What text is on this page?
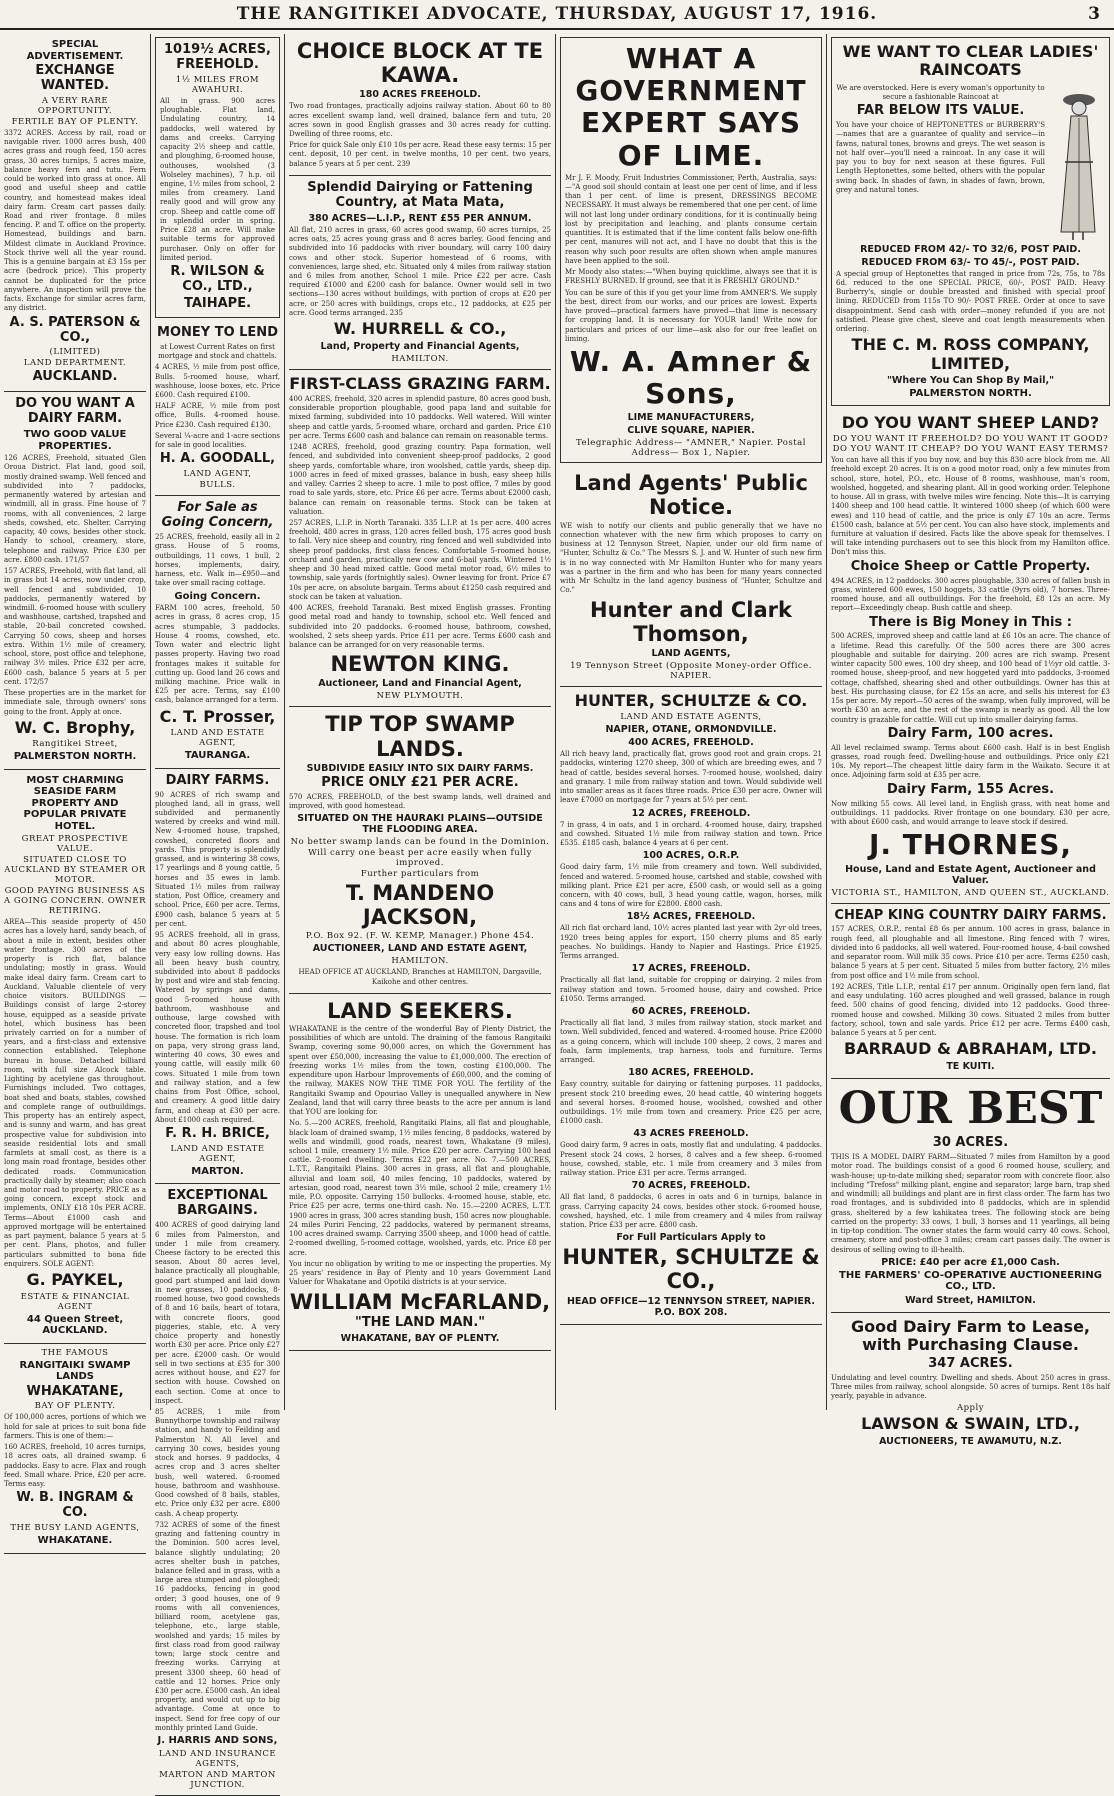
THE RANGITIKEI ADVOCATE, THURSDAY, AUGUST 17, 1916.	3
SPECIAL ADVERTISEMENT.
EXCHANGE WANTED.
A VERY RARE OPPORTUNITY.
FERTILE BAY OF PLENTY.
3372 ACRES. Access by rail, road or navigable river. 1000 acres bush, 400 acres grass and rough feed, 150 acres grass, 30 acres turnips, 5 acres maize, balance heavy fern and tutu. Fern could be worked into grass at once. All good and useful sheep and cattle country, and homestead makes ideal dairy farm. Cream cart passes daily. Road and river frontage. 8 miles fencing. P. and T. office on the property. Homestead, buildings and barn. Mildest climate in Auckland Province. Stock thrive well all the year round. This is a genuine bargain at £3 15s per acre (bedrock price). This property cannot be duplicated for the price anywhere. An inspection will prove the facts. Exchange for similar acres farm, any district.
A. S. PATERSON & CO.,
(LIMITED)
LAND DEPARTMENT.
AUCKLAND.
DO YOU WANT A DAIRY FARM.
TWO GOOD VALUE PROPERTIES.
126 ACRES, Freehold, situated Glen Oroua District. Flat land, good soil, mostly drained swamp. Well fenced and subdivided into 7 paddocks, permanently watered by artesian and windmill, all in grass. Fine house of 7 rooms, with all conveniences, 2 large sheds, cowshed, etc. Shelter. Carrying capacity, 40 cows, besides other stock. Handy to school, creamery, store, telephone and railway. Price £30 per acre. £800 cash. 171/57
157 ACRES, Freehold, with flat land, all in grass but 14 acres, now under crop, well fenced and subdivided, 10 paddocks, permanently watered by windmill. 6-roomed house with scullery and washhouse, cartshed, trapshed and stable, 20-bail concreted cowshed. Carrying 50 cows, sheep and horses extra. Within 1½ mile of creamery, school, store, post office and telephone, railway 3½ miles. Price £32 per acre, £600 cash, balance 5 years at 5 per cent. 172/57
These properties are in the market for immediate sale, through owners' sons going to the front. Apply at once.
W. C. Brophy,
Rangitikei Street,
PALMERSTON NORTH.
MOST CHARMING SEASIDE FARM PROPERTY AND POPULAR PRIVATE HOTEL.
GREAT PROSPECTIVE VALUE.
SITUATED CLOSE TO AUCKLAND BY STEAMER OR MOTOR.
GOOD PAYING BUSINESS AS A GOING CONCERN. OWNER RETIRING.
AREA—This seaside property of 450 acres has a lovely hard, sandy beach, of about a mile in extent, besides other water frontage. 300 acres of the property is rich flat, balance undulating; mostly in grass. Would make ideal dairy farm. Cream cart to Auckland. Valuable clientele of very choice visitors. BUILDINGS — Buildings consist of large 2-storey house, equipped as a seaside private hotel, which business has been privately carried on for a number of years, and a first-class and extensive connection established. Telephone bureau in house. Detached billiard room, with full size Alcock table. Lighting by acetylene gas throughout. Furnishings included. Two cottages, boat shed and boats, stables, cowshed and complete range of outbuildings. This property has an entirely aspect, and is sunny and warm, and has great prospective value for subdivision into seaside residential lots and small farmlets at small cost, as there is a long main road frontage, besides other dedicated roads. Communication practically daily by steamer; also coach and motor road to property. PRICE as a going concern, except stock and implements, ONLY £18 10s PER ACRE. Terms—About £1000 cash and approved mortgage will be entertained as part payment, balance 5 years at 5 per cent. Plans, photos, and fuller particulars submitted to bona fide enquirers. SOLE AGENT:
G. PAYKEL,
ESTATE & FINANCIAL AGENT
44 Queen Street, AUCKLAND.
THE FAMOUS
RANGITAIKI SWAMP LANDS
WHAKATANE,
BAY OF PLENTY.
Of 100,000 acres, portions of which we hold for sale at prices to suit bona fide farmers. This is one of them:—
160 ACRES, freehold, 10 acres turnips, 18 acres oats, all drained swamp. 6 paddocks. Easy to acre. Flax and rough feed. Small whare. Price, £20 per acre. Terms easy.
W. B. INGRAM & CO.
THE BUSY LAND AGENTS,
WHAKATANE.
1019½ ACRES, FREEHOLD.
1½ MILES FROM AWAHURI.
All in grass. 900 acres ploughable. Flat land, Undulating country, 14 paddocks, well watered by dams and creeks. Carrying capacity 2½ sheep and cattle, and ploughing, 6-roomed house, outhouses, woolshed (3 Wolseley machines), 7 h.p. oil engine, 1½ miles from school, 2 miles from creamery. Land really good and will grow any crop. Sheep and cattle come off in splendid order in spring. Price £28 an acre. Will make suitable terms for approved purchaser. Only on offer for limited period.
R. WILSON & CO., LTD.,
TAIHAPE.
MONEY TO LEND
at Lowest Current Rates on first mortgage and stock and chattels.
4 ACRES, ½ mile from post office, Bulls. 5-roomed house, wharf, washhouse, loose boxes, etc. Price £600. Cash required £100.
HALF ACRE, ½ mile from post office, Bulls. 4-roomed house. Price £230. Cash required £130.
Several ¼-acre and 1-acre sections for sale in good localities.
H. A. GOODALL,
LAND AGENT,
BULLS.
For Sale as Going Concern,
25 ACRES, freehold, easily all in 2 grass. House of 5 rooms, outbuildings, 11 cows, 1 bull, 2 horses, implements, dairy, harness, etc. Walk in—£950—and take over small racing cottage.
Going Concern.
FARM 100 acres, freehold, 50 acres in grass, 8 acres crop, 15 acres stumpable, 3 paddocks. House 4 rooms, cowshed, etc. Town water and electric light passes property. Having two road frontages makes it suitable for cutting up. Good land 26 cows and milking machine. Price walk in £25 per acre. Terms, say £100 cash, balance arranged for a term.
C. T. Prosser,
LAND AND ESTATE AGENT,
TAURANGA.
DAIRY FARMS.
90 ACRES of rich swamp and ploughed land, all in grass, well subdivided and permanently watered by creeks and wind mill. New 4-roomed house, trapshed, cowshed, concreted floors and yards. This property is splendidly grassed, and is wintering 38 cows, 17 yearlings and 8 young cattle, 5 horses and 35 ewes in lamb. Situated 1½ miles from railway station, Post Office, creamery and school. Price, £60 per acre. Terms, £900 cash, balance 5 years at 5 per cent.
95 ACRES freehold, all in grass, and about 80 acres ploughable, very easy low rolling downs. Has all been heavy bush country, subdivided into about 8 paddocks by post and wire and stab fencing. Watered by springs and dams, good 5-roomed house with bathroom, washhouse and outhouse, large cowshed with concreted floor, trapshed and tool house. The formation is rich loam on papa, very strong grass land, wintering 40 cows, 30 ewes and young cattle, will easily milk 60 cows. Situated 1 mile from town and railway station, and a few chains from Post Office, school, and creamery. A good little dairy farm, and cheap at £30 per acre. About £1000 cash required.
F. R. H. BRICE,
LAND AND ESTATE AGENT,
MARTON.
EXCEPTIONAL BARGAINS.
400 ACRES of good dairying land 6 miles from Palmerston, and under 1 mile from creamery. Cheese factory to be erected this season. About 80 acres level, balance practically all ploughable, good part stumped and laid down in new grasses, 10 paddocks, 8-roomed house, two good cowsheds of 8 and 16 bails, heart of totara, with concrete floors, good piggeries, stable, etc. A very choice property and honestly worth £30 per acre. Price only £27 per acre. £2000 cash. Or would sell in two sections at £35 for 300 acres without house, and £27 for section with house. Cowshed on each section. Come at once to inspect.
85 ACRES, 1 mile from Bunnythorpe township and railway station, and handy to Feilding and Palmerston N. All level and carrying 30 cows, besides young stock and horses. 9 paddocks, 4 acres crop and 3 acres shelter bush, well watered. 6-roomed house, bathroom and washhouse. Good cowshed of 8 bails, stables, etc. Price only £32 per acre. £800 cash. A cheap property.
732 ACRES of some of the finest grazing and fattening country in the Dominion. 500 acres level, balance slightly undulating; 20 acres shelter bush in patches, balance felled and in grass, with a large area stumped and ploughed; 16 paddocks, fencing in good order; 3 good houses, one of 9 rooms with all conveniences, billiard room, acetylene gas, telephone, etc., large stable, woolshed and yards; 15 miles by first class road from good railway town; large stock centre and freezing works. Carrying at present 3300 sheep, 60 head of cattle and 12 horses. Price only £30 per acre. £5000 cash. An ideal property, and would cut up to big advantage. Come at once to inspect. Send for free copy of our monthly printed Land Guide.
J. HARRIS AND SONS,
LAND AND INSURANCE AGENTS,
MARTON AND MARTON JUNCTION.
CHOICE BLOCK AT TE KAWA.
180 ACRES FREEHOLD.
Two road frontages, practically adjoins railway station. About 60 to 80 acres excellent swamp land, well drained, balance fern and tutu, 20 acres sown in good English grasses and 30 acres ready for cutting. Dwelling of three rooms, etc.
Price for quick Sale only £10 10s per acre. Read these easy terms: 15 per cent. deposit, 10 per cent. in twelve months, 10 per cent. two years, balance 5 years at 5 per cent. 239
Splendid Dairying or Fattening Country, at Mata Mata,
380 ACRES—L.I.P., RENT £55 PER ANNUM.
All flat, 210 acres in grass, 60 acres good swamp, 60 acres turnips, 25 acres oats, 25 acres young grass and 8 acres barley. Good fencing and subdivided into 16 paddocks with river boundary, will carry 100 dairy cows and other stock. Superior homestead of 6 rooms, with conveniences, large shed, etc. Situated only 4 miles from railway station and 6 miles from another, School 1 mile. Price £22 per acre. Cash required £1000 and £200 cash for balance. Owner would sell in two sections—130 acres without buildings, with portion of crops at £20 per acre, or 250 acres with buildings, crops etc., 12 paddocks, at £25 per acre. Good terms arranged. 235
W. HURRELL & CO.,
Land, Property and Financial Agents,
HAMILTON.
FIRST-CLASS GRAZING FARM.
400 ACRES, freehold, 320 acres in splendid pasture, 80 acres good bush, considerable proportion ploughable, good papa land and suitable for mixed farming, subdivided into 10 paddocks. Well watered. Will winter sheep and cattle yards, 5-roomed whare, orchard and garden. Price £10 per acre. Terms £600 cash and balance can remain on reasonable terms.
1248 ACRES, freehold, good grazing country. Papa formation, well fenced, and subdivided into convenient sheep-proof paddocks, 2 good sheep yards, comfortable whare, iron woolshed, cattle yards, sheep dip. 1000 acres in feed of mixed grasses, balance in bush, easy sheep hills and valley. Carries 2 sheep to acre. 1 mile to post office, 7 miles by good road to sale yards, store, etc. Price £6 per acre. Terms about £2000 cash, balance can remain on reasonable terms. Stock can be taken at valuation.
257 ACRES, L.I.P. in North Taranaki. 335 L.I.P. at 1s per acre. 400 acres freehold, 480 acres in grass, 120 acres felled bush, 175 acres good bush to fall. Very nice sheep and country, ring fenced and well subdivided into sheep proof paddocks, first class fences. Comfortable 5-roomed house, orchard and garden, practically new cow and 6-bail yards. Wintered 1½ sheep and 30 head mixed cattle. Good metal motor road, 6½ miles to township, sale yards (fortnightly sales). Owner leaving for front. Price £7 10s per acre, on absolute bargain. Terms about £1250 cash required and stock can be taken at valuation.
400 ACRES, freehold Taranaki. Best mixed English grasses. Fronting good metal road and handy to township, school etc. Well fenced and subdivided into 20 paddocks. 6-roomed house, bathroom, cowshed, woolshed, 2 sets sheep yards. Price £11 per acre. Terms £600 cash and balance can be arranged for on very reasonable terms.
NEWTON KING.
Auctioneer, Land and Financial Agent,
NEW PLYMOUTH.
TIP TOP SWAMP LANDS.
SUBDIVIDE EASILY INTO SIX DAIRY FARMS.
PRICE ONLY £21 PER ACRE.
570 ACRES, FREEHOLD, of the best swamp lands, well drained and improved, with good homestead.
SITUATED ON THE HAURAKI PLAINS—OUTSIDE THE FLOODING AREA.
No better swamp lands can be found in the Dominion.
Will carry one beast per acre easily when fully improved.
Further particulars from
T. MANDENO JACKSON,
P.O. Box 92. (F. W. KEMP, Manager.) Phone 454.
AUCTIONEER, LAND AND ESTATE AGENT,
HAMILTON.
HEAD OFFICE AT AUCKLAND, Branches at HAMILTON, Dargaville, Kaikohe and other centres.
LAND SEEKERS.
WHAKATANE is the centre of the wonderful Bay of Plenty District, the possibilities of which are untold. The draining of the famous Rangitaiki Swamp, covering some 90,000 acres, on which the Government has spent over £50,000, increasing the value to £1,000,000. The erection of freezing works 1½ miles from the town, costing £100,000. The expenditure upon Harbour Improvements of £60,000, and the coming of the railway, MAKES NOW THE TIME FOR YOU. The fertility of the Rangitaiki Swamp and Opouriao Valley is unequalled anywhere in New Zealand, land that will carry three beasts to the acre per annum is land that YOU are looking for.
No. 5.—200 ACRES, freehold, Rangitaiki Plains, all flat and ploughable, black loam of drained swamp, 1½ miles fencing, 8 paddocks, watered by wells and windmill, good roads, nearest town, Whakatane (9 miles), school 1 mile, creamery 1½ mile. Price £20 per acre. Carrying 100 head cattle. 2-roomed dwelling. Terms £22 per acre. No. 7.—500 ACRES, L.T.T., Rangitaiki Plains. 300 acres in grass, all flat and ploughable, alluvial and loam soil, 40 miles fencing, 10 paddocks, watered by artesian, good road, nearest town 3½ mile, school 2 mile, creamery 1½ mile, P.O. opposite. Carrying 150 bullocks. 4-roomed house, stable, etc. Price £25 per acre, terms one-third cash. No. 15.—2200 ACRES, L.T.T. 1900 acres in grass, 300 acres standing bush, 150 acres now ploughable. 24 miles Puriri Fencing, 22 paddocks, watered by permanent streams, 100 acres drained swamp. Carrying 3500 sheep, and 1000 head of cattle. 2-roomed dwelling, 5-roomed cottage, woolshed, yards, etc. Price £8 per acre.
You incur no obligation by writing to me or inspecting the properties. My 25 years' residence in Bay of Plenty and 10 years Government Land Valuer for Whakatane and Opotiki districts is at your service.
WILLIAM McFARLAND,
"THE LAND MAN."
WHAKATANE, BAY OF PLENTY.
WHAT A GOVERNMENT EXPERT SAYS OF LIME.
Mr J. F. Moody, Fruit Industries Commissioner, Perth, Australia, says:—"A good soil should contain at least one per cent of lime, and if less than 1 per cent. of lime is present, DRESSINGS BECOME NECESSARY. It must always be remembered that one per cent. of lime will not last long under ordinary conditions, for it is continually being lost by precipitation and leaching, and plants consume certain quantities. It is estimated that if the lime content falls below one-fifth per cent, manures will not act, and I have no doubt that this is the reason why such poor results are often shown when ample manures have been applied to the soil.
Mr Moody also states:—"When buying quicklime, always see that it is FRESHLY BURNED. If ground, see that it is FRESHLY GROUND."
You can be sure of this if you get your lime from AMNER'S. We supply the best, direct from our works, and our prices are lowest. Experts have proved—practical farmers have proved—that lime is necessary for cropping land. It is necessary for YOUR land! Write now for particulars and prices of our lime—ask also for our free leaflet on liming.
W. A. Amner & Sons,
LIME MANUFACTURERS,
CLIVE SQUARE, NAPIER.
Telegraphic Address— "AMNER," Napier. Postal Address— Box 1, Napier.
Land Agents' Public Notice.
WE wish to notify our clients and public generally that we have no connection whatever with the new firm which proposes to carry on business at 12 Tennyson Street, Napier, under our old firm name of "Hunter, Schultz & Co." The Messrs S. J. and W. Hunter of such new firm is in no way connected with Mr Hamilton Hunter who for many years was a partner in the firm and who has been for many years connected with Mr Schultz in the land agency business of "Hunter, Schultze and Co."
Hunter and Clark Thomson,
LAND AGENTS,
19 Tennyson Street (Opposite Money-order Office. NAPIER.
HUNTER, SCHULTZE & CO.
LAND AND ESTATE AGENTS,
NAPIER, OTANE, ORMONDVILLE.
400 ACRES, FREEHOLD.
All rich heavy land, practically flat, grows good root and grain crops. 21 paddocks, wintering 1270 sheep, 300 of which are breeding ewes, and 7 head of cattle, besides several horses. 7-roomed house, woolshed, dairy and granary. 1 mile from railway station and town. Would subdivide well into smaller areas as it faces three roads. Price £30 per acre. Owner will leave £7000 on mortgage for 7 years at 5½ per cent.
12 ACRES, FREEHOLD.
7 in grass, 4 in oats, and 1 in orchard. 4-roomed house, dairy, trapshed and cowshed. Situated 1½ mile from railway station and town. Price £535. £185 cash, balance 4 years at 6 per cent.
100 ACRES, O.R.P.
Good dairy farm, 1½ mile from creamery and town. Well subdivided, fenced and watered. 5-roomed house, cartshed and stable, cowshed with milking plant. Price £21 per acre, £500 cash, or would sell as a going concern, with 40 cows, bull, 3 head young cattle, wagon, horses, milk cans and 4 tons of wire for £2800. £800 cash.
18½ ACRES, FREEHOLD.
All rich flat orchard land, 10½ acres planted last year with 2yr old trees, 1920 trees being apples for export, 150 cherry plums and 85 early peaches. No buildings. Handy to Napier and Hastings. Price £1925. Terms arranged.
17 ACRES, FREEHOLD.
Practically all flat land, suitable for cropping or dairying. 2 miles from railway station and town. 5-roomed house, dairy and cowshed. Price £1050. Terms arranged.
60 ACRES, FREEHOLD.
Practically all flat land, 3 miles from railway station, stock market and town. Well subdivided, fenced and watered. 4-roomed house. Price £2000 as a going concern, which will include 100 sheep, 2 cows, 2 mares and foals, farm implements, trap harness, tools and furniture. Terms arranged.
180 ACRES, FREEHOLD.
Easy country, suitable for dairying or fattening purposes. 11 paddocks, present stock 210 breeding ewes, 20 head cattle, 40 wintering hoggets and several horses. 8-roomed house, woolshed, cowshed and other outbuildings. 1½ mile from town and creamery. Price £25 per acre, £1000 cash.
43 ACRES FREEHOLD.
Good dairy farm, 9 acres in oats, mostly flat and undulating. 4 paddocks. Present stock 24 cows, 2 horses, 8 calves and a few sheep. 6-roomed house, cowshed, stable, etc. 1 mile from creamery and 3 miles from railway station. Price £31 per acre. Terms arranged.
70 ACRES, FREEHOLD.
All flat land, 8 paddocks, 6 acres in oats and 6 in turnips, balance in grass. Carrying capacity 24 cows, besides other stock. 6-roomed house, cowshed, hayshed, etc. 1 mile from creamery and 4 miles from railway station. Price £33 per acre. £800 cash.
For Full Particulars Apply to
HUNTER, SCHULTZE & CO.,
HEAD OFFICE—12 TENNYSON STREET, NAPIER. P.O. BOX 208.
WE WANT TO CLEAR LADIES' RAINCOATS
We are overstocked. Here is every woman's opportunity to secure a fashionable Raincoat at
FAR BELOW ITS VALUE.
You have your choice of HEPTONETTES or BURBERRY'S—names that are a guarantee of quality and service—in fawns, natural tones, browns and greys. The wet season is not half over—you'll need a raincoat. In any case it will pay you to buy for next season at these figures. Full Length Heptonettes, some belted, others with the popular swing back. In shades of fawn, in shades of fawn, brown, grey and natural tones.
REDUCED FROM 42/- TO 32/6, POST PAID.
REDUCED FROM 63/- TO 45/-, POST PAID.
A special group of Heptonettes that ranged in price from 72s, 75s, to 78s 6d. reduced to the one SPECIAL PRICE, 60/-, POST PAID. Heavy Burberry's, single or double breasted and finished with special proof lining. REDUCED from 115s TO 90/- POST FREE. Order at once to save disappointment. Send cash with order—money refunded if you are not satisfied. Please give chest, sleeve and coat length measurements when ordering.
THE C. M. ROSS COMPANY, LIMITED,
"Where You Can Shop By Mail,"
PALMERSTON NORTH.
DO YOU WANT SHEEP LAND?
DO YOU WANT IT FREEHOLD? DO YOU WANT IT GOOD? DO YOU WANT IT CHEAP? DO YOU WANT EASY TERMS?
You can have all this if you buy now, and buy this 830 acre block from me. All freehold except 20 acres. It is on a good motor road, only a few minutes from school, store, hotel, P.O., etc. House of 8 rooms, washhouse, man's room, woolshed, hoggeted, and shearing plant. All in good working order. Telephone to house. All in grass, with twelve miles wire fencing. Note this—It is carrying 1400 sheep and 100 head cattle. It wintered 1000 sheep (of which 600 were ewes) and 110 head of cattle, and the price is only £7 10s an acre. Terms £1500 cash, balance at 5½ per cent. You can also have stock, implements and furniture at valuation if desired. Facts like the above speak for themselves. I will take intending purchasers out to see this block from my Hamilton office. Don't miss this.
Choice Sheep or Cattle Property.
494 ACRES, in 12 paddocks. 300 acres ploughable, 330 acres of fallen bush in grass, wintered 600 ewes, 150 hoggets, 33 cattle (9yrs old), 7 horses. Three-roomed house, and all outbuildings. For the freehold, £8 12s an acre. My report—Exceedingly cheap. Bush cattle and sheep.
There is Big Money in This :
500 ACRES, improved sheep and cattle land at £6 10s an acre. The chance of a lifetime. Read this carefully. Of the 500 acres there are 300 acres ploughable and suitable for dairying. 200 acres are rich swamp. Present winter capacity 500 ewes, 100 dry sheep, and 100 head of 1½yr old cattle. 3-roomed house, sheep-proof, and new hoggeted yard into paddocks, 3-roomed cottage, chaffshed, shearing shed and other outbuildings. Owner has this at best. His purchasing clause, for £2 15s an acre, and sells his interest for £3 15s per acre. My report—50 acres of the swamp, when fully improved, will be worth £30 an acre, and the rest of the swamp is nearly as good. All the low country is grazable for cattle. Will cut up into smaller dairying farms.
Dairy Farm, 100 acres.
All level reclaimed swamp. Terms about £600 cash. Half is in best English grasses, road rough feed. Dwelling-house and outbuildings. Price only £21 10s. My report—The cheapest little dairy farm in the Waikato. Secure it at once. Adjoining farm sold at £35 per acre.
Dairy Farm, 155 Acres.
Now milking 55 cows. All level land, in English grass, with neat home and outbuildings. 11 paddocks. River frontage on one boundary. £30 per acre, with about £600 cash, and would arrange to leave stock if desired.
J. THORNES,
House, Land and Estate Agent, Auctioneer and Valuer.
VICTORIA ST., HAMILTON, AND QUEEN ST., AUCKLAND.
CHEAP KING COUNTRY DAIRY FARMS.
157 ACRES, O.R.P., rental £8 6s per annum. 100 acres in grass, balance in rough feed, all ploughable and all limestone. Ring fenced with 7 wires, divided into 6 paddocks, all well watered. Four-roomed house, 4-bail cowshed and separator room. Will milk 35 cows. Price £10 per acre. Terms £250 cash, balance 5 years at 5 per cent. Situated 5 miles from butter factory, 2½ miles from post office and 1½ mile from school.
192 ACRES, Title L.I.P., rental £17 per annum. Originally open fern land, flat and easy undulating. 160 acres ploughed and well grassed, balance in rough feed. 500 chains of good fencing, divided into 12 paddocks. Good three-roomed house and cowshed. Milking 30 cows. Situated 2 miles from butter factory, school, town and sale yards. Price £12 per acre. Terms £400 cash, balance 5 years at 5 per cent.
BARRAUD & ABRAHAM, LTD.
TE KUITI.
OUR BEST
30 ACRES.
THIS IS A MODEL DAIRY FARM—Situated 7 miles from Hamilton by a good motor road. The buildings consist of a good 6 roomed house, scullery, and wash-house; up-to-date milking shed; separator room with concrete floor, also including "Trefoss" milking plant, engine and separator; large barn, trap shed and windmill; all buildings and plant are in first class order. The farm has two road frontages, and is subdivided into 8 paddocks, which are in splendid grass, sheltered by a few kahikatea trees. The following stock are being carried on the property: 33 cows, 1 bull, 3 horses and 11 yearlings, all being in tip-top condition. The owner states the farm would carry 40 cows. School, creamery, store and post-office 3 miles; cream cart passes daily. The owner is desirous of selling owing to ill-health.
PRICE: £40 per acre £1,000 Cash.
THE FARMERS' CO-OPERATIVE AUCTIONEERING CO., LTD.
Ward Street, HAMILTON.
Good Dairy Farm to Lease, with Purchasing Clause.
347 ACRES.
Undulating and level country. Dwelling and sheds. About 250 acres in grass. Three miles from railway, school alongside. 50 acres of turnips. Rent 18s half yearly, payable in advance.
Apply
LAWSON & SWAIN, LTD.,
AUCTIONEERS, TE AWAMUTU, N.Z.
